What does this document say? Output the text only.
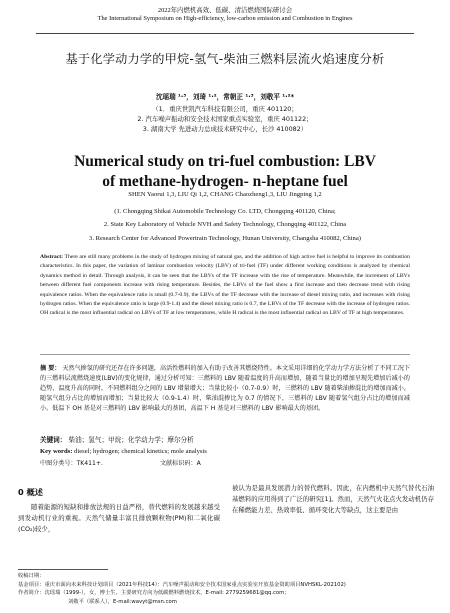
2022年内燃机高效、低碳、清洁燃烧国际研讨会
The International Symposium on High-efficiency, low-carbon emission and Combustion in Engines
基于化学动力学的甲烷-氢气-柴油三燃料层流火焰速度分析
沈瑶瑞 ¹·³，刘琦 ¹·²，常朝正 ¹·³，刘敬平 ¹·²*
（1．重庆世凯汽车科技有限公司，重庆 401120；
2. 汽车噪声振动和安全技术国家重点实验室，重庆 401122；
3. 湖南大学 先进动力总成技术研究中心，长沙 410082）
Numerical study on tri-fuel combustion: LBV
of methane-hydrogen- n-heptane fuel
SHEN Yaorui 1,3, LIU Qi 1,2, CHANG Chaozheng1,3, LIU Jingping 1,2
(1. Chongqing Shikai Automobile Technology Co. LTD, Chongqing 401120, China;
2. State Key Laboratory of Vehicle NVH and Safety Technology, Chongqing 401122, China
3. Research Center for Advanced Powertrain Technology, Hunan University, Changsha 410082, China)
Abstract: There are still many problems in the study of hydrogen mixing of natural gas, and the addition of high active fuel is helpful to improve its combustion characteristics. In this paper, the variation of laminar combustion velocity (LBV) of tri-fuel (TF) under different working conditions is analyzed by chemical dynamics method in detail. Through analysis, it can be seen that the LBVs of the TF increase with the rise of temperature. Meanwhile, the increment of LBVs between different fuel components increase with rising temperature. Besides, the LBVs of the fuel show a first increase and then decrease trend with rising equivalence ratios. When the equivalence ratio is small (0.7-0.9), the LBVs of the TF decrease with the increase of diesel mixing ratio, and increases with rising hydrogen ratios. When the equivalence ratio is large (0.9-1.4) and the diesel mixing ratio is 0.7, the LBVs of the TF decrease with the increase of hydrogen ratios. OH radical is the most influential radical on LBVs of TF at low temperatures, while H radical is the most influential radical on LBV of TF at high temperatures.
摘 要： 天然气掺氢的研究还存在许多问题，高活性燃料的加入有助于改善其燃烧特性。本文采用详细的化学动力学方法分析了不同工况下的三燃料层流燃烧速度(LBV)的变化规律，通过分析可知：三燃料的 LBV 随着温度的升高而增加，随着当量比的增加呈现先增加后减小的趋势，温度升高的同时，不同燃料组分之间的 LBV 增量增大；当量比较小（0.7-0.9）时，三燃料的 LBV 随着柴油掺混比的增加而减小，随氢气组分占比的增加而增加；当量比较大（0.9-1.4）时，柴油混掺比为 0.7 的情况下，三燃料的 LBV 随着氢气组分占比的增加而减小。低温下 OH 基是对三燃料的 LBV 影响最大的基团，高温下 H 基是对三燃料的 LBV 影响最大的基团。
关键词： 柴油；氢气；甲烷；化学动力学；摩尔分析
Key words: diesel; hydrogen; chemical kinetics; mole analysis
中图分类号：TK411+.	文献标识码：A
0 概述
随着能源的短缺和排放法规的日益严格，替代燃料的发展越来越受到发动机行业的重视。天然气储量丰富且排放颗粒物(PM)和二氧化碳(CO₂)较少，
被认为是最具发展潜力的替代燃料。因此，在内燃机中天然气替代石油基燃料的应用得到了广泛的研究[1]。然而，天然气火花点火发动机仍存在稀燃能力差、热效率低、循环变化大等缺点，这主要是由
收稿日期：
基金项目：重庆市面向未来科技计划项目（2021年科技14）：汽车噪声振动和安全技术国家重点实验室开放基金资助项目NVHSKL-202102)
作者简介：沈瑶瑞（1999-），女，博士生，主要研究方向为低碳燃料燃烧技术，E-mail: 2779259681@qq.com；
刘敬平（联系人），E-mail:wavyt@msn.com
